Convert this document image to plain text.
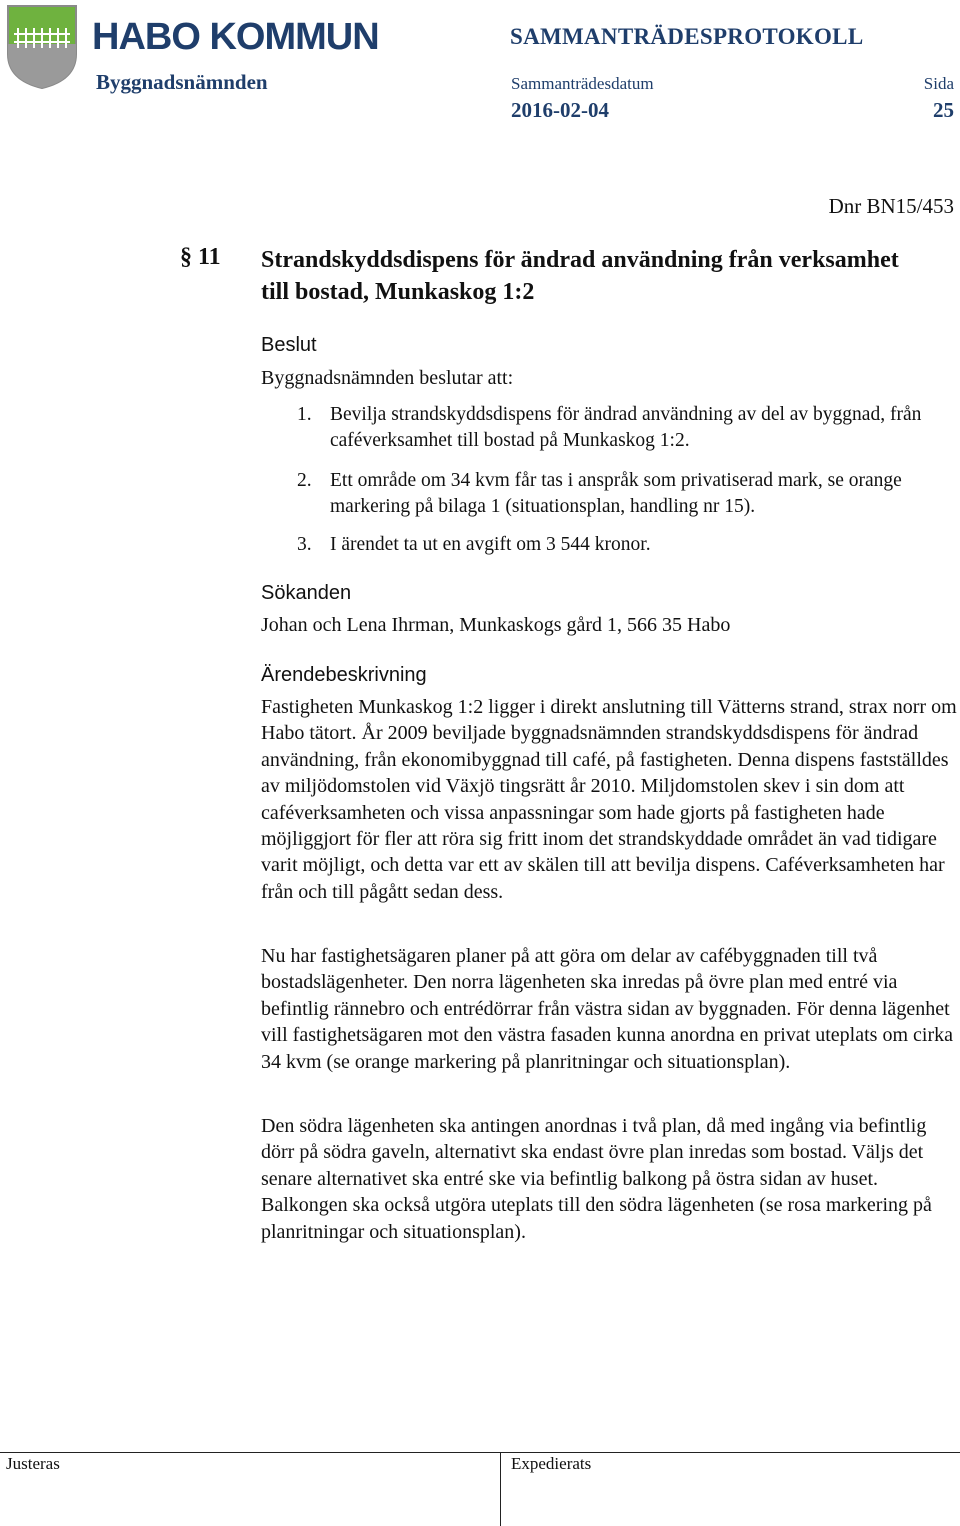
HABO KOMMUN	SAMMANTRÄDESPROTOKOLL
Byggnadsnämnden	Sammanträdesdatum
2016-02-04
Sida
25
Dnr BN15/453
§ 11 Strandskyddsdispens för ändrad användning från verksamhet till bostad, Munkaskog 1:2
Beslut
Byggnadsnämnden beslutar att:
1. Bevilja strandskyddsdispens för ändrad användning av del av byggnad, från caféverksamhet till bostad på Munkaskog 1:2.
2. Ett område om 34 kvm får tas i anspråk som privatiserad mark, se orange markering på bilaga 1 (situationsplan, handling nr 15).
3. I ärendet ta ut en avgift om 3 544 kronor.
Sökanden
Johan och Lena Ihrman, Munkaskogs gård 1, 566 35 Habo
Ärendebeskrivning
Fastigheten Munkaskog 1:2 ligger i direkt anslutning till Vätterns strand, strax norr om Habo tätort. År 2009 beviljade byggnadsnämnden strandskyddsdispens för ändrad användning, från ekonomibyggnad till café, på fastigheten. Denna dispens fastställdes av miljödomstolen vid Växjö tingsrätt år 2010. Miljdomstolen skev i sin dom att caféverksamheten och vissa anpassningar som hade gjorts på fastigheten hade möjliggjort för fler att röra sig fritt inom det strandskyddade området än vad tidigare varit möjligt, och detta var ett av skälen till att bevilja dispens. Caféverksamheten har från och till pågått sedan dess.
Nu har fastighetsägaren planer på att göra om delar av cafébyggnaden till två bostadslägenheter. Den norra lägenheten ska inredas på övre plan med entré via befintlig rännebro och entrédörrar från västra sidan av byggnaden. För denna lägenhet vill fastighetsägaren mot den västra fasaden kunna anordna en privat uteplats om cirka 34 kvm (se orange markering på planritningar och situationsplan).
Den södra lägenheten ska antingen anordnas i två plan, då med ingång via befintlig dörr på södra gaveln, alternativt ska endast övre plan inredas som bostad. Väljs det senare alternativet ska entré ske via befintlig balkong på östra sidan av huset. Balkongen ska också utgöra uteplats till den södra lägenheten (se rosa markering på planritningar och situationsplan).
Justeras	Expedierats
